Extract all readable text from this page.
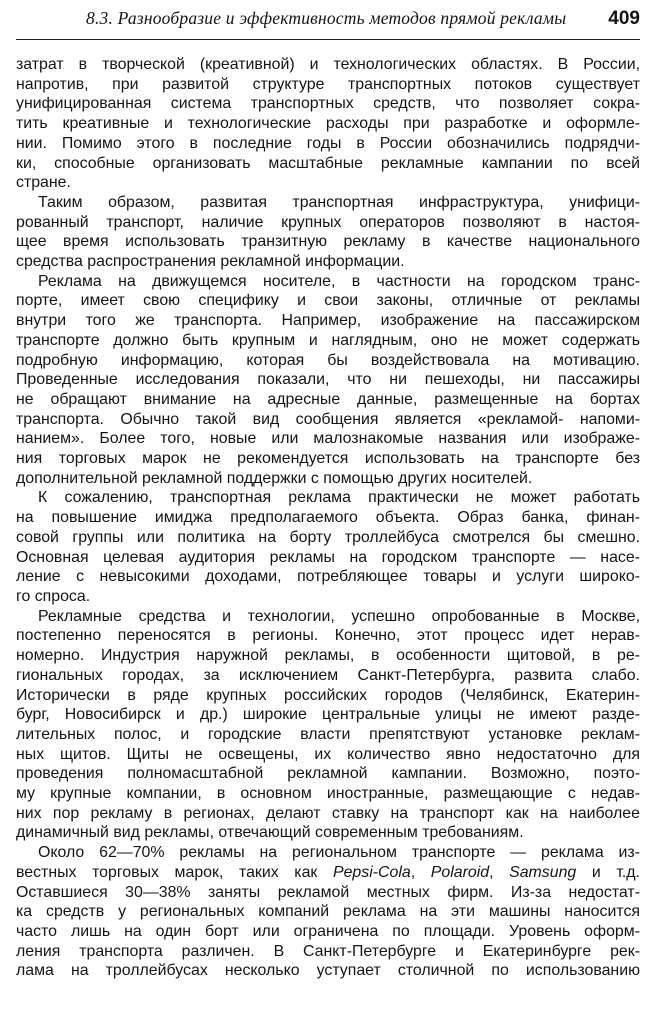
8.3. Разнообразие и эффективность методов прямой рекламы 409
затрат в творческой (креативной) и технологических областях. В России,
напротив, при развитой структуре транспортных потоков существует
унифицированная система транспортных средств, что позволяет сокра-
тить креативные и технологические расходы при разработке и оформле-
нии. Помимо этого в последние годы в России обозначились подрядчи-
ки, способные организовать масштабные рекламные кампании по всей
стране.
Таким образом, развитая транспортная инфраструктура, унифици-
рованный транспорт, наличие крупных операторов позволяют в настоя-
щее время использовать транзитную рекламу в качестве национального
средства распространения рекламной информации.
Реклама на движущемся носителе, в частности на городском транс-
порте, имеет свою специфику и свои законы, отличные от рекламы
внутри того же транспорта. Например, изображение на пассажирском
транспорте должно быть крупным и наглядным, оно не может содержать
подробную информацию, которая бы воздействовала на мотивацию.
Проведенные исследования показали, что ни пешеходы, ни пассажиры
не обращают внимание на адресные данные, размещенные на бортах
транспорта. Обычно такой вид сообщения является «рекламой- напоми-
нанием». Более того, новые или малознакомые названия или изображе-
ния торговых марок не рекомендуется использовать на транспорте без
дополнительной рекламной поддержки с помощью других носителей.
К сожалению, транспортная реклама практически не может работать
на повышение имиджа предполагаемого объекта. Образ банка, финан-
совой группы или политика на борту троллейбуса смотрелся бы смешно.
Основная целевая аудитория рекламы на городском транспорте — насе-
ление с невысокими доходами, потребляющее товары и услуги широко-
го спроса.
Рекламные средства и технологии, успешно опробованные в Москве,
постепенно переносятся в регионы. Конечно, этот процесс идет нерав-
номерно. Индустрия наружной рекламы, в особенности щитовой, в ре-
гиональных городах, за исключением Санкт-Петербурга, развита слабо.
Исторически в ряде крупных российских городов (Челябинск, Екатерин-
бург, Новосибирск и др.) широкие центральные улицы не имеют разде-
лительных полос, и городские власти препятствуют установке реклам-
ных щитов. Щиты не освещены, их количество явно недостаточно для
проведения полномасштабной рекламной кампании. Возможно, поэто-
му крупные компании, в основном иностранные, размещающие с недав-
них пор рекламу в регионах, делают ставку на транспорт как на наиболее
динамичный вид рекламы, отвечающий современным требованиям.
Около 62—70% рекламы на региональном транспорте — реклама из-
вестных торговых марок, таких как Pepsi-Cola, Polaroid, Samsung и т.д.
Оставшиеся 30—38% заняты рекламой местных фирм. Из-за недостат-
ка средств у региональных компаний реклама на эти машины наносится
часто лишь на один борт или ограничена по площади. Уровень оформ-
ления транспорта различен. В Санкт-Петербурге и Екатеринбурге рек-
лама на троллейбусах несколько уступает столичной по использованию
